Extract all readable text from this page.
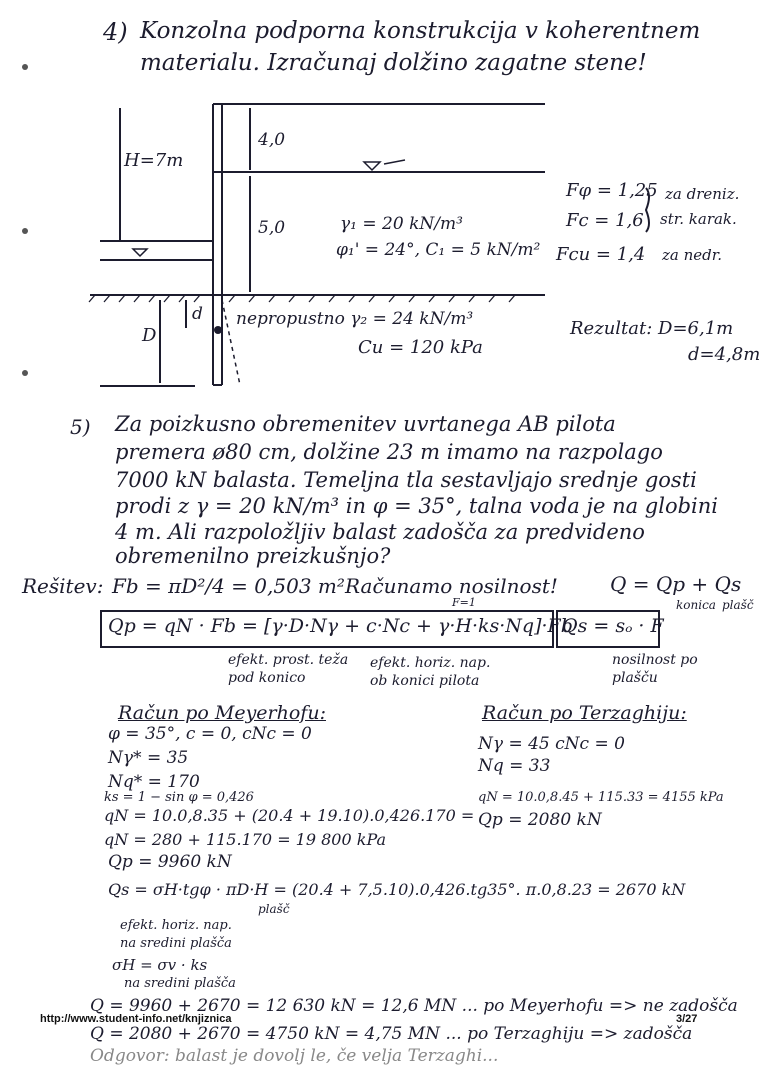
4) Konzolna podporna konstrukcija v koherentnem
materialu. Izračunaj dolžino zagatne stene!
H=7m
4,0
5,0
D
d
γ₁ = 20 kN/m³
φ₁' = 24°, C₁ = 5 kN/m²
nepropustno γ₂ = 24 kN/m³
Cu = 120 kPa
Fφ = 1,25
Fc = 1,6
Fcu = 1,4
za dreniz.
str. karak.
za nedr.
Rezultat: D=6,1m
d=4,8m
5) Za poizkusno obremenitev uvrtanega AB pilota
premera ø80 cm, dolžine 23 m imamo na razpolago
7000 kN balasta. Temeljna tla sestavljajo srednje gosti
prodi z γ = 20 kN/m³ in φ = 35°, talna voda je na globini
4 m. Ali razpoložljiv balast zadošča za predvideno
obremenilno preizkušnjo?
Rešitev: Fb = πD²/4 = 0,503 m² Računamo nosilnost!
F=1
Q = Qp + Qs
konica plašč
Qp = qN · Fb = [γ·D·Nγ + c·Nc + γ·H·ks·Nq]·Fb
Qs = sₒ · F
efekt. prost. teža
pod konico
efekt. horiz. nap.
ob konici pilota
nosilnost po
plašču
Račun po Meyerhofu:
φ = 35°, c = 0, cNc = 0
Nγ* = 35
Nq* = 170
ks = 1 − sin φ = 0,426
qN = 10.0,8.35 + (20.4 + 19.10).0,426.170 =
qN = 280 + 115.170 = 19 800 kPa
Qp = 9960 kN
Račun po Terzaghiju:
Nγ = 45 cNc = 0
Nq = 33
qN = 10.0,8.45 + 115.33 = 4155 kPa
Qp = 2080 kN
Qs = σH·tgφ · πD·H = (20.4 + 7,5.10).0,426.tg35°. π.0,8.23 = 2670 kN
plašč
efekt. horiz. nap.
na sredini plašča
σH = σv · ks
na sredini plašča
Q = 9960 + 2670 = 12 630 kN = 12,6 MN ... po Meyerhofu => ne zadošča
Q = 2080 + 2670 = 4750 kN = 4,75 MN ... po Terzaghiju => zadošča
Odgovor: balast je dovolj le, če velja Terzaghi...
http://www.student-info.net/knjiznica	3/27
